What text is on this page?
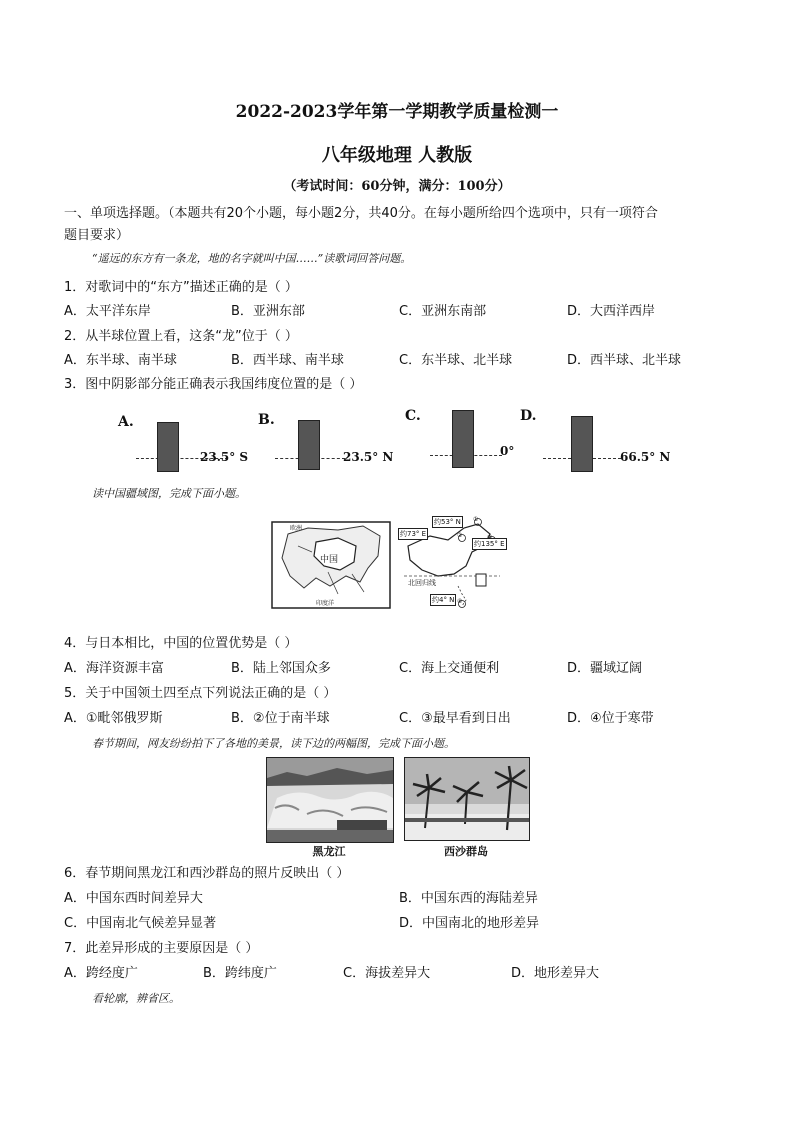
2022-2023学年第一学期教学质量检测一
八年级地理 人教版
（考试时间：60分钟，满分：100分）
一、单项选择题。（本题共有20个小题，每小题2分，共40分。在每小题所给四个选项中，只有一项符合
题目要求）
“遥远的东方有一条龙，地的名字就叫中国……”读歌词回答问题。
1．对歌词中的“东方”描述正确的是（ ）
A．太平洋东岸	B．亚洲东部	C．亚洲东南部	D．大西洋西岸
2．从半球位置上看，这条“龙”位于（ ）
A．东半球、南半球	B．西半球、南半球	C．东半球、北半球	D．西半球、北半球
3．图中阴影部分能正确表示我国纬度位置的是（ ）
A.
23.5° S
B.
23.5° N
C.
0°
D.
66.5° N
读中国疆域图，完成下面小题。
中国
印度洋
欧洲
约73° E
约53° N
约135° E
北回归线
约4° N
①
②	③
④
4．与日本相比，中国的位置优势是（ ）
A．海洋资源丰富	B．陆上邻国众多	C．海上交通便利	D．疆域辽阔
5．关于中国领土四至点下列说法正确的是（ ）
A．①毗邻俄罗斯	B．②位于南半球	C．③最早看到日出	D．④位于寒带
春节期间，网友纷纷拍下了各地的美景，读下边的两幅图，完成下面小题。
黑龙江	西沙群岛
6．春节期间黑龙江和西沙群岛的照片反映出（ ）
A．中国东西时间差异大	B．中国东西的海陆差异
C．中国南北气候差异显著	D．中国南北的地形差异
7．此差异形成的主要原因是（ ）
A．跨经度广	B．跨纬度广	C．海拔差异大	D．地形差异大
看轮廓，辨省区。
